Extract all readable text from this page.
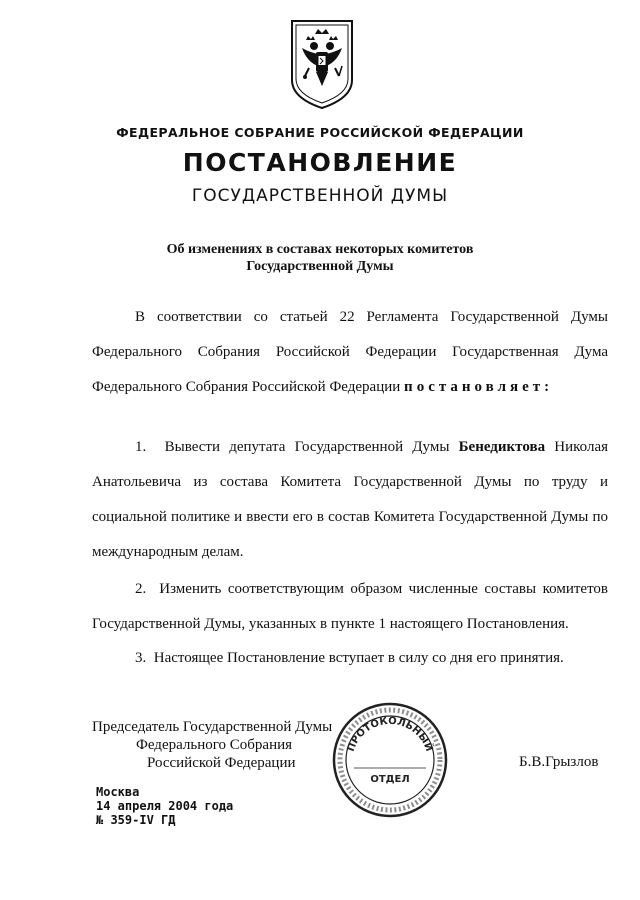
ФЕДЕРАЛЬНОЕ СОБРАНИЕ РОССИЙСКОЙ ФЕДЕРАЦИИ
ПОСТАНОВЛЕНИЕ
ГОСУДАРСТВЕННОЙ ДУМЫ
Об изменениях в составах некоторых комитетов
Государственной Думы
В соответствии со статьей 22 Регламента Государственной Думы Федерального Собрания Российской Федерации Государственная Дума Федерального Собрания Российской Федерации постановляет:
1. Вывести депутата Государственной Думы Бенедиктова Николая Анатольевича из состава Комитета Государственной Думы по труду и социальной политике и ввести его в состав Комитета Государственной Думы по международным делам.
2. Изменить соответствующим образом численные составы комитетов Государственной Думы, указанных в пункте 1 настоящего Постановления.
3. Настоящее Постановление вступает в силу со дня его принятия.
Председатель Государственной Думы
Федерального Собрания
Российской Федерации
ПРОТОКОЛЬНЫЙ
ОТДЕЛ
Б.В.Грызлов
Москва
14 апреля 2004 года
№ 359-IV ГД
